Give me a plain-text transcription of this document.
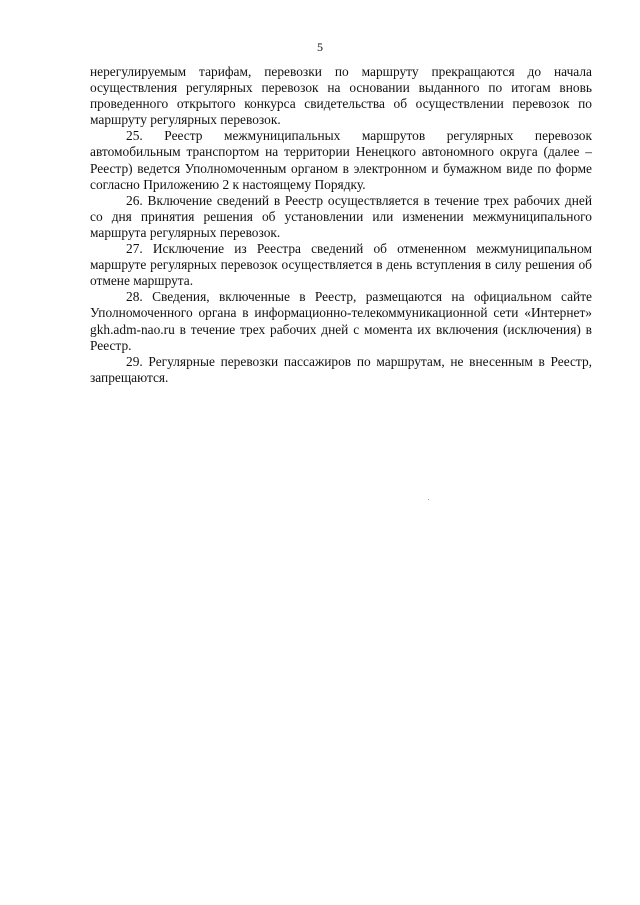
5

нерегулируемым тарифам, перевозки по маршруту прекращаются до начала осуществления регулярных перевозок на основании выданного по итогам вновь проведенного открытого конкурса свидетельства об осуществлении перевозок по маршруту регулярных перевозок.

25. Реестр межмуниципальных маршрутов регулярных перевозок автомобильным транспортом на территории Ненецкого автономного округа (далее – Реестр) ведется Уполномоченным органом в электронном и бумажном виде по форме согласно Приложению 2 к настоящему Порядку.

26. Включение сведений в Реестр осуществляется в течение трех рабочих дней со дня принятия решения об установлении или изменении межмуниципального маршрута регулярных перевозок.

27. Исключение из Реестра сведений об отмененном межмуниципальном маршруте регулярных перевозок осуществляется в день вступления в силу решения об отмене маршрута.

28. Сведения, включенные в Реестр, размещаются на официальном сайте Уполномоченного органа в информационно-телекоммуникационной сети «Интернет» gkh.adm-nao.ru в течение трех рабочих дней с момента их включения (исключения) в Реестр.

29. Регулярные перевозки пассажиров по маршрутам, не внесенным в Реестр, запрещаются.
